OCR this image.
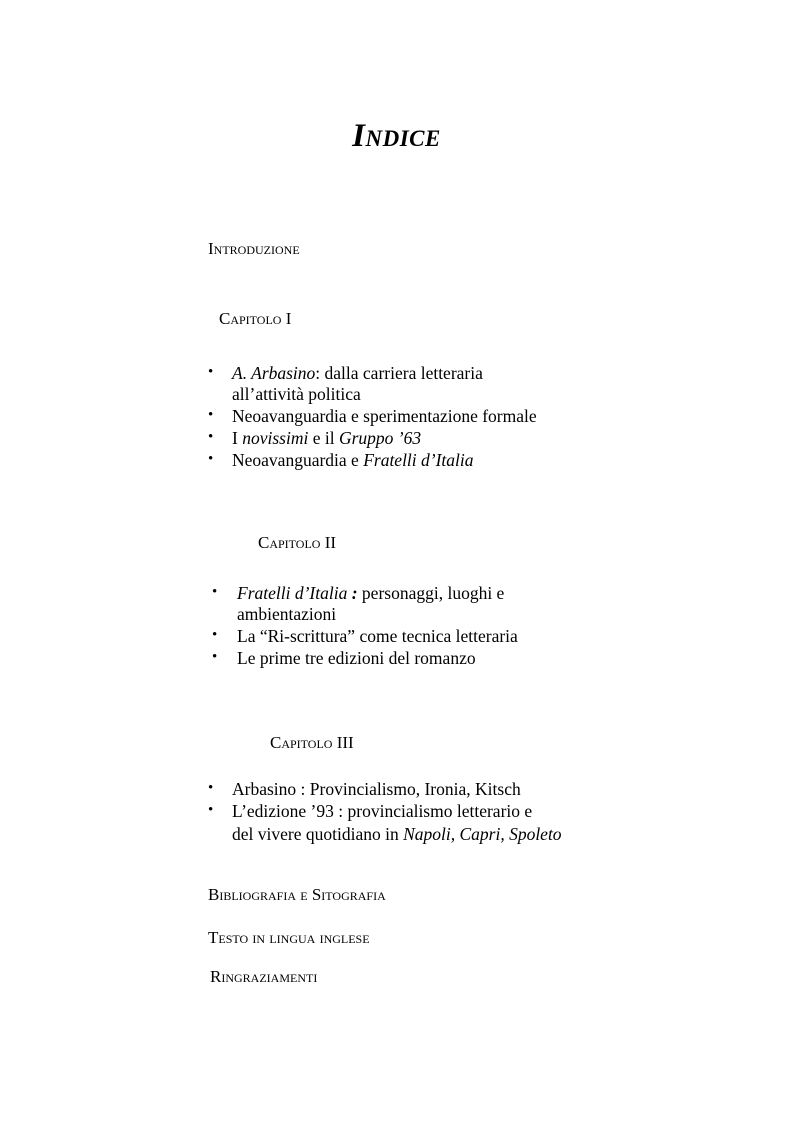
Indice
Introduzione
Capitolo I
• A. Arbasino: dalla carriera letteraria
all’attività politica
• Neoavanguardia e sperimentazione formale
• I novissimi e il Gruppo ’63
• Neoavanguardia e Fratelli d’Italia
Capitolo II
• Fratelli d’Italia : personaggi, luoghi e
ambientazioni
• La “Ri-scrittura” come tecnica letteraria
• Le prime tre edizioni del romanzo
Capitolo III
• Arbasino : Provincialismo, Ironia, Kitsch
• L’edizione ’93 : provincialismo letterario e
del vivere quotidiano in Napoli, Capri, Spoleto
Bibliografia e Sitografia
Testo in lingua inglese
Ringraziamenti
